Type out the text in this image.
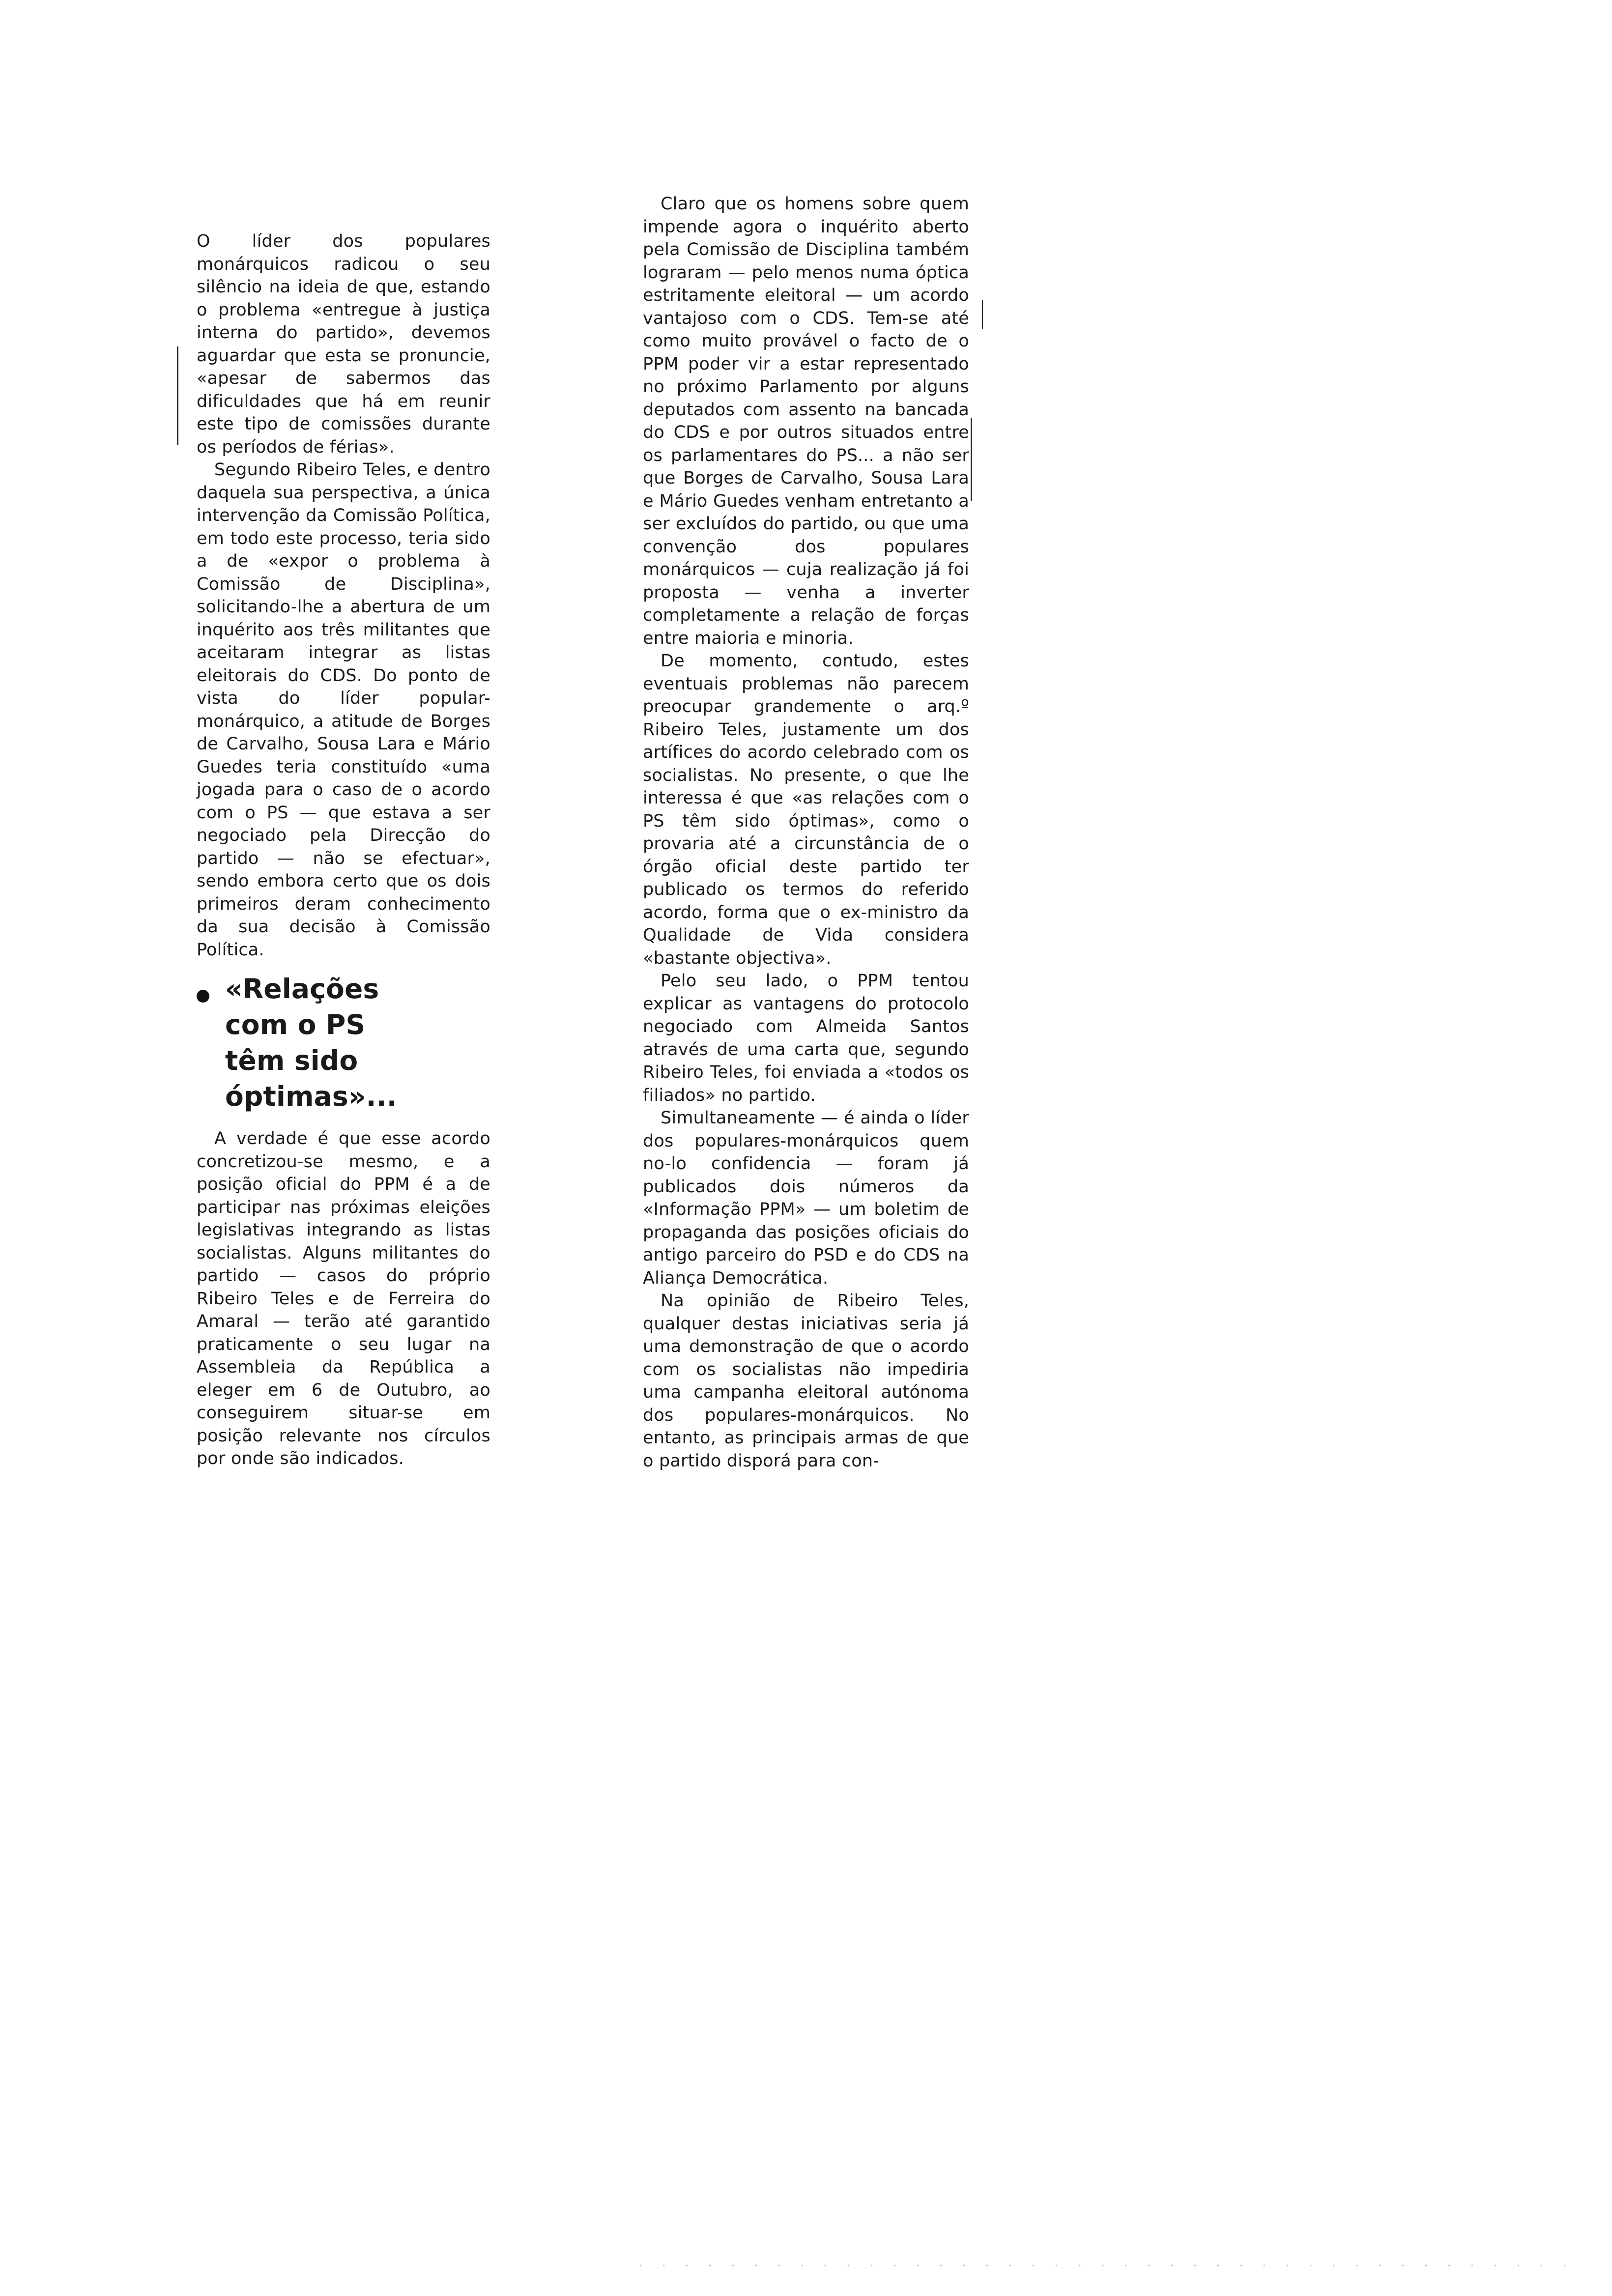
O líder dos populares monárquicos radicou o seu silêncio na ideia de que, estando o problema «entregue à justiça interna do partido», devemos aguardar que esta se pronuncie, «apesar de sabermos das dificuldades que há em reunir este tipo de comissões durante os períodos de férias».

Segundo Ribeiro Teles, e dentro daquela sua perspectiva, a única intervenção da Comissão Política, em todo este processo, teria sido a de «expor o problema à Comissão de Disciplina», solicitando-lhe a abertura de um inquérito aos três militantes que aceitaram integrar as listas eleitorais do CDS. Do ponto de vista do líder popular-monárquico, a atitude de Borges de Carvalho, Sousa Lara e Mário Guedes teria constituído «uma jogada para o caso de o acordo com o PS — que estava a ser negociado pela Direcção do partido — não se efectuar», sendo embora certo que os dois primeiros deram conhecimento da sua decisão à Comissão Política.

«Relações
com o PS
têm sido
óptimas»...

A verdade é que esse acordo concretizou-se mesmo, e a posição oficial do PPM é a de participar nas próximas eleições legislativas integrando as listas socialistas. Alguns militantes do partido — casos do próprio Ribeiro Teles e de Ferreira do Amaral — terão até garantido praticamente o seu lugar na Assembleia da República a eleger em 6 de Outubro, ao conseguirem situar-se em posição relevante nos círculos por onde são indicados.

Claro que os homens sobre quem impende agora o inquérito aberto pela Comissão de Disciplina também lograram — pelo menos numa óptica estritamente eleitoral — um acordo vantajoso com o CDS. Tem-se até como muito provável o facto de o PPM poder vir a estar representado no próximo Parlamento por alguns deputados com assento na bancada do CDS e por outros situados entre os parlamentares do PS... a não ser que Borges de Carvalho, Sousa Lara e Mário Guedes venham entretanto a ser excluídos do partido, ou que uma convenção dos populares monárquicos — cuja realização já foi proposta — venha a inverter completamente a relação de forças entre maioria e minoria.

De momento, contudo, estes eventuais problemas não parecem preocupar grandemente o arq.º Ribeiro Teles, justamente um dos artífices do acordo celebrado com os socialistas. No presente, o que lhe interessa é que «as relações com o PS têm sido óptimas», como o provaria até a circunstância de o órgão oficial deste partido ter publicado os termos do referido acordo, forma que o ex-ministro da Qualidade de Vida considera «bastante objectiva».

Pelo seu lado, o PPM tentou explicar as vantagens do protocolo negociado com Almeida Santos através de uma carta que, segundo Ribeiro Teles, foi enviada a «todos os filiados» no partido.

Simultaneamente — é ainda o líder dos populares-monárquicos quem no-lo confidencia — foram já publicados dois números da «Informação PPM» — um boletim de propaganda das posições oficiais do antigo parceiro do PSD e do CDS na Aliança Democrática.

Na opinião de Ribeiro Teles, qualquer destas iniciativas seria já uma demonstração de que o acordo com os socialistas não impediria uma campanha eleitoral autónoma dos populares-monárquicos. No entanto, as principais armas de que o partido disporá para con-
